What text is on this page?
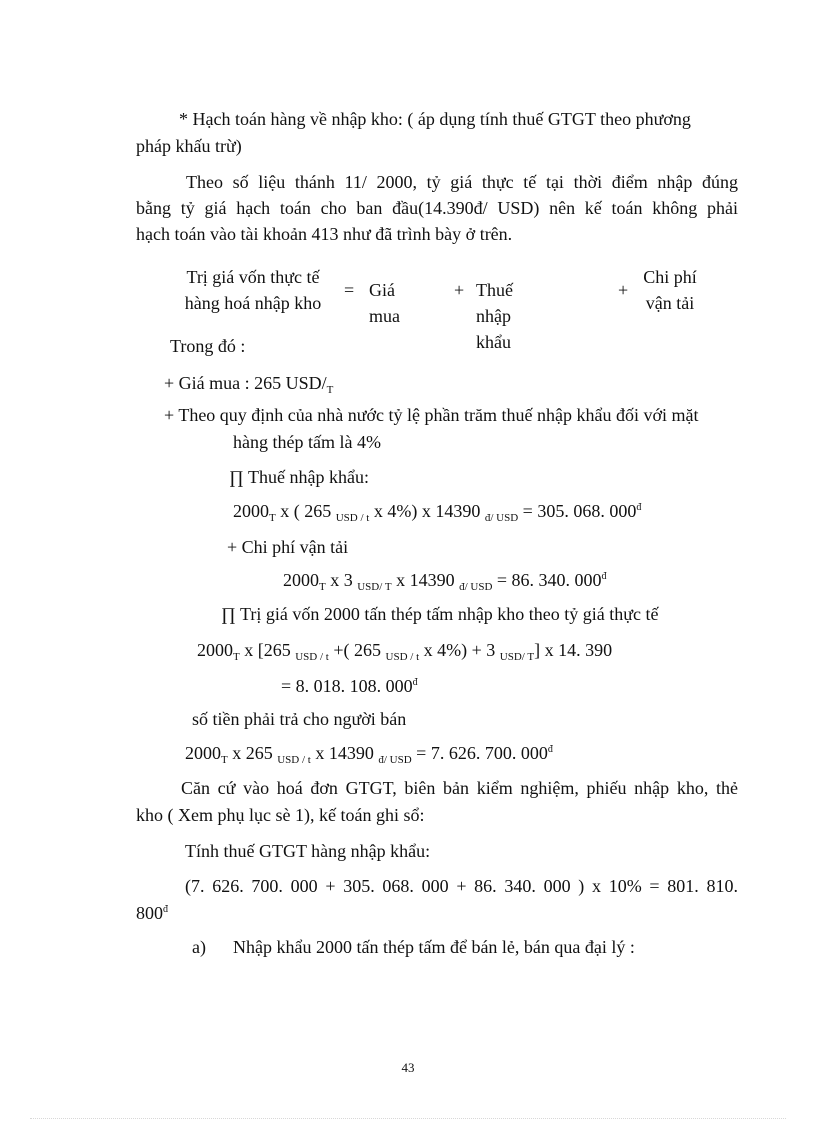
* Hạch toán hàng về nhập kho: ( áp dụng tính thuế GTGT theo phương
pháp khấu trừ)
Theo số liệu thánh 11/ 2000, tỷ giá thực tế tại thời điểm nhập đúng
bằng tỷ giá hạch toán cho ban đầu(14.390đ/ USD) nên kế toán không phải
hạch toán vào tài khoản 413 như đã trình bày ở trên.
Trị giá vốn thực tế
hàng hoá nhập kho
= Giá mua
+ Thuế nhập khẩu
+
Chi phí
vận tải
Trong đó :
+ Giá mua : 265 USD/$_T$
+ Theo quy định của nhà nước tỷ lệ phần trăm thuế nhập khẩu đối với mặt
hàng thép tấm là 4%
∏ Thuế nhập khẩu:
$2000_T$ x ( 265 $_{USD / t}$ x 4%) x 14390 $_{đ/ USD}$ = 305. 068. $000^đ$
+ Chi phí vận tải
$2000_T$ x 3 $_{USD/ T}$ x 14390 $_{đ/ USD}$ = 86. 340. $000^đ$
∏ Trị giá vốn 2000 tấn thép tấm nhập kho theo tỷ giá thực tế
$2000_T$ x [265 $_{USD / t}$ +( 265 $_{USD / t}$ x 4%) + 3 $_{USD/ T}$] x 14. 390
= 8. 018. 108. $000^đ$
số tiền phải trả cho người bán
$2000_T$ x 265 $_{USD / t}$ x 14390 $_{đ/ USD}$ = 7. 626. 700. $000^đ$
Căn cứ vào hoá đơn GTGT, biên bản kiểm nghiệm, phiếu nhập kho, thẻ
kho ( Xem phụ lục sè 1), kế toán ghi sổ:
Tính thuế GTGT hàng nhập khẩu:
(7. 626. 700. 000 + 305. 068. 000 + 86. 340. 000 ) x 10% = 801. 810.
$800^đ$
a) Nhập khẩu 2000 tấn thép tấm để bán lẻ, bán qua đại lý :
43
